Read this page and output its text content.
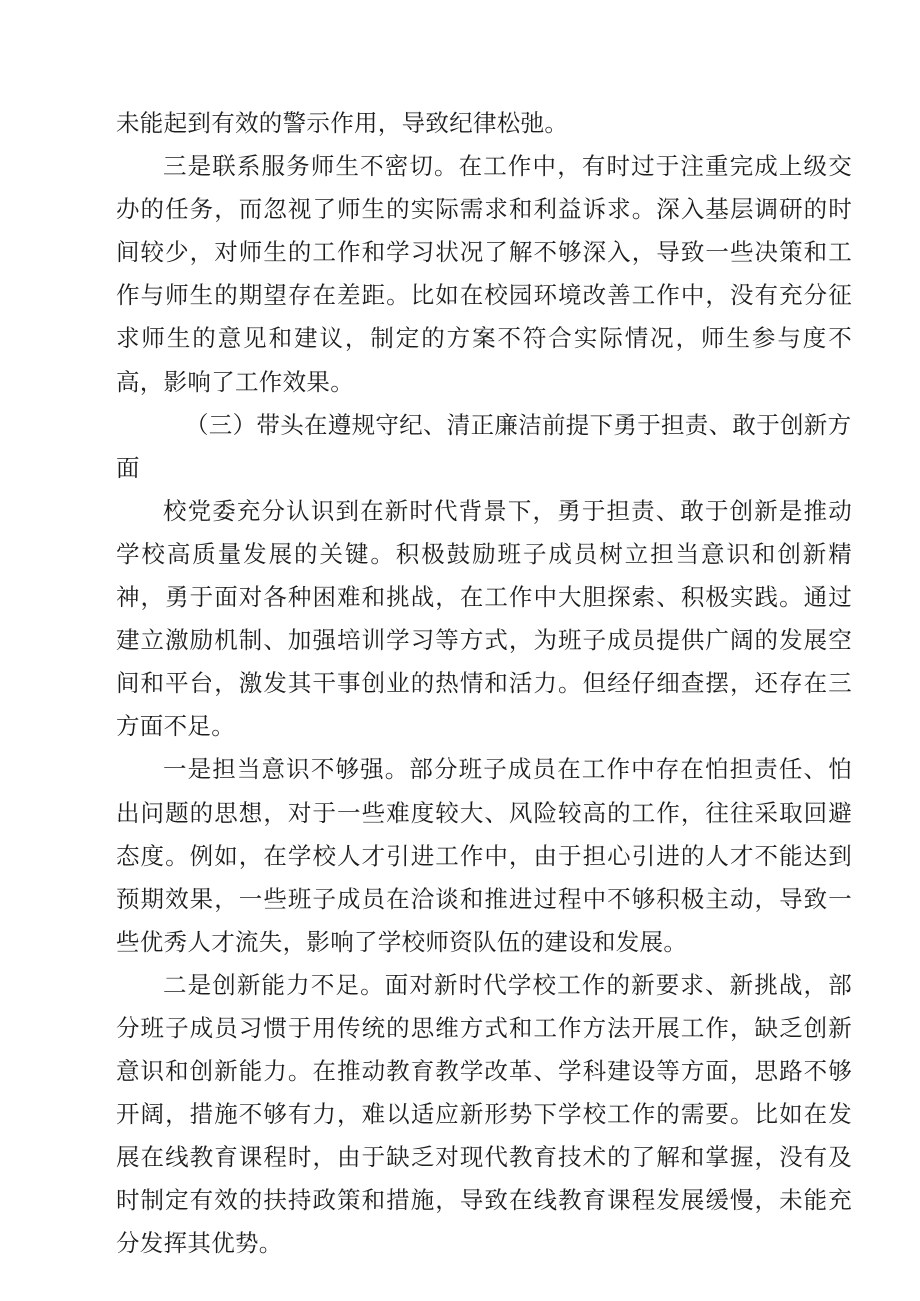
未能起到有效的警示作用，导致纪律松弛。

三是联系服务师生不密切。在工作中，有时过于注重完成上级交办的任务，而忽视了师生的实际需求和利益诉求。深入基层调研的时间较少，对师生的工作和学习状况了解不够深入，导致一些决策和工作与师生的期望存在差距。比如在校园环境改善工作中，没有充分征求师生的意见和建议，制定的方案不符合实际情况，师生参与度不高，影响了工作效果。

（三）带头在遵规守纪、清正廉洁前提下勇于担责、敢于创新方面

校党委充分认识到在新时代背景下，勇于担责、敢于创新是推动学校高质量发展的关键。积极鼓励班子成员树立担当意识和创新精神，勇于面对各种困难和挑战，在工作中大胆探索、积极实践。通过建立激励机制、加强培训学习等方式，为班子成员提供广阔的发展空间和平台，激发其干事创业的热情和活力。但经仔细查摆，还存在三方面不足。

一是担当意识不够强。部分班子成员在工作中存在怕担责任、怕出问题的思想，对于一些难度较大、风险较高的工作，往往采取回避态度。例如，在学校人才引进工作中，由于担心引进的人才不能达到预期效果，一些班子成员在洽谈和推进过程中不够积极主动，导致一些优秀人才流失，影响了学校师资队伍的建设和发展。

二是创新能力不足。面对新时代学校工作的新要求、新挑战，部分班子成员习惯于用传统的思维方式和工作方法开展工作，缺乏创新意识和创新能力。在推动教育教学改革、学科建设等方面，思路不够开阔，措施不够有力，难以适应新形势下学校工作的需要。比如在发展在线教育课程时，由于缺乏对现代教育技术的了解和掌握，没有及时制定有效的扶持政策和措施，导致在线教育课程发展缓慢，未能充分发挥其优势。
